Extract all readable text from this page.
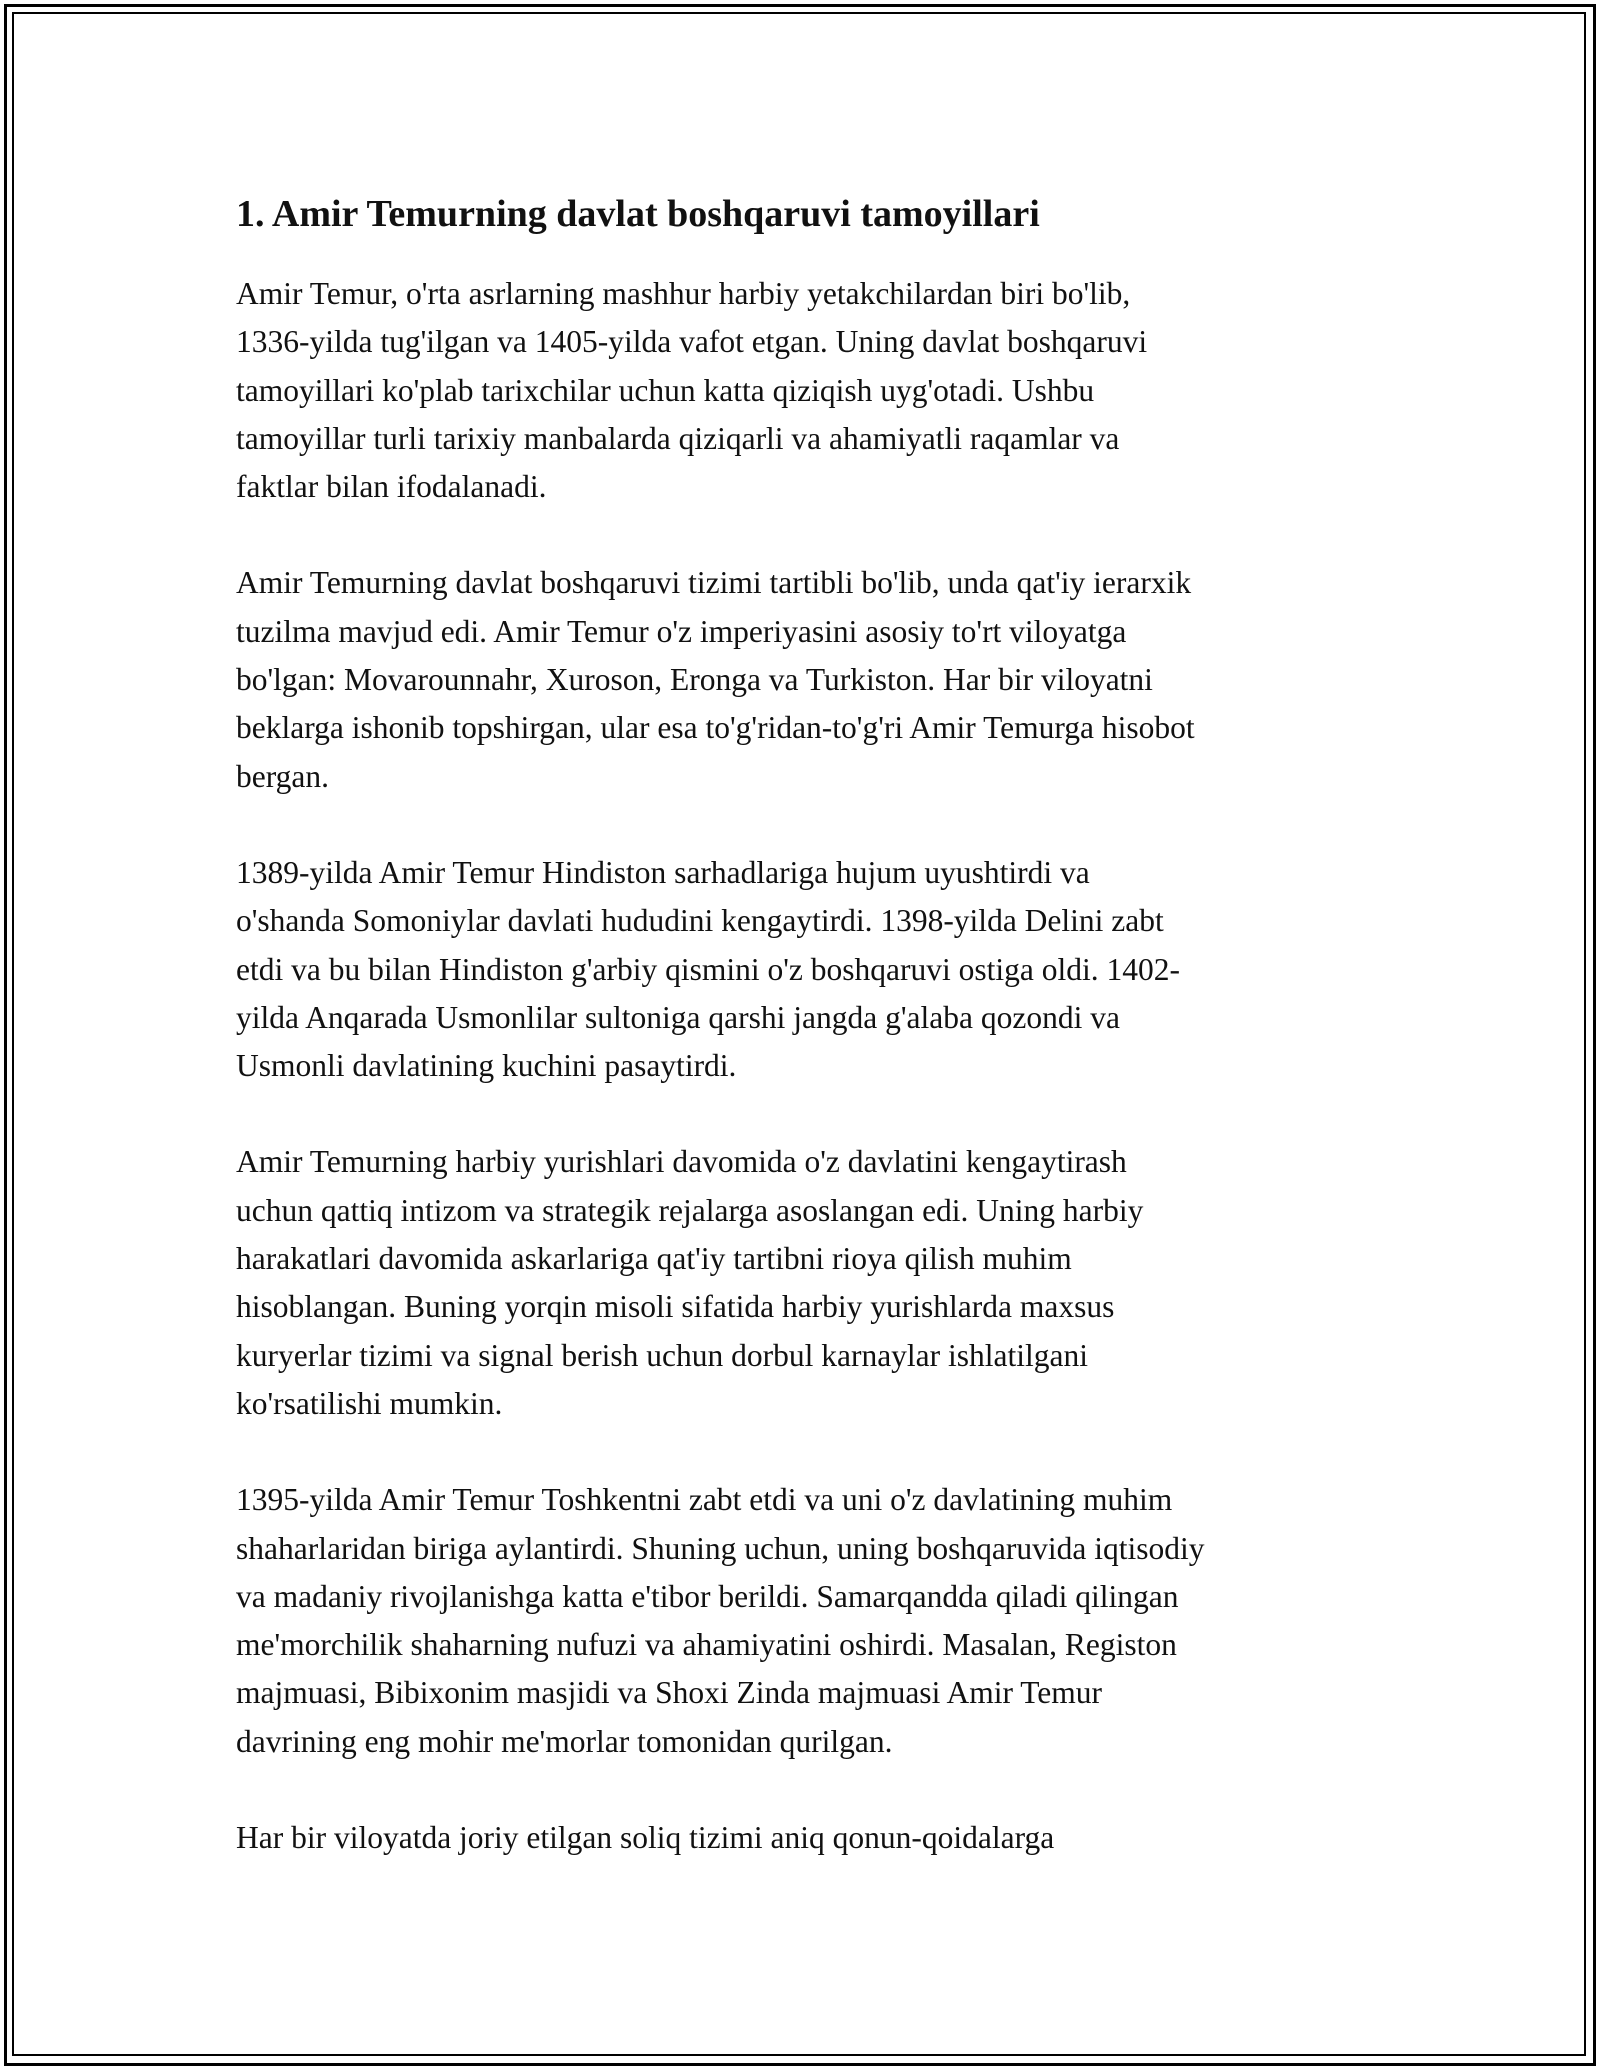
1. Amir Temurning davlat boshqaruvi tamoyillari

Amir Temur, o'rta asrlarning mashhur harbiy yetakchilardan biri bo'lib,
1336-yilda tug'ilgan va 1405-yilda vafot etgan. Uning davlat boshqaruvi
tamoyillari ko'plab tarixchilar uchun katta qiziqish uyg'otadi. Ushbu
tamoyillar turli tarixiy manbalarda qiziqarli va ahamiyatli raqamlar va
faktlar bilan ifodalanadi.

Amir Temurning davlat boshqaruvi tizimi tartibli bo'lib, unda qat'iy ierarxik
tuzilma mavjud edi. Amir Temur o'z imperiyasini asosiy to'rt viloyatga
bo'lgan: Movarounnahr, Xuroson, Eronga va Turkiston. Har bir viloyatni
beklarga ishonib topshirgan, ular esa to'g'ridan-to'g'ri Amir Temurga hisobot
bergan.

1389-yilda Amir Temur Hindiston sarhadlariga hujum uyushtirdi va
o'shanda Somoniylar davlati hududini kengaytirdi. 1398-yilda Delini zabt
etdi va bu bilan Hindiston g'arbiy qismini o'z boshqaruvi ostiga oldi. 1402-
yilda Anqarada Usmonlilar sultoniga qarshi jangda g'alaba qozondi va
Usmonli davlatining kuchini pasaytirdi.

Amir Temurning harbiy yurishlari davomida o'z davlatini kengaytirash
uchun qattiq intizom va strategik rejalarga asoslangan edi. Uning harbiy
harakatlari davomida askarlariga qat'iy tartibni rioya qilish muhim
hisoblangan. Buning yorqin misoli sifatida harbiy yurishlarda maxsus
kuryerlar tizimi va signal berish uchun dorbul karnaylar ishlatilgani
ko'rsatilishi mumkin.

1395-yilda Amir Temur Toshkentni zabt etdi va uni o'z davlatining muhim
shaharlaridan biriga aylantirdi. Shuning uchun, uning boshqaruvida iqtisodiy
va madaniy rivojlanishga katta e'tibor berildi. Samarqandda qiladi qilingan
me'morchilik shaharning nufuzi va ahamiyatini oshirdi. Masalan, Registon
majmuasi, Bibixonim masjidi va Shoxi Zinda majmuasi Amir Temur
davrining eng mohir me'morlar tomonidan qurilgan.

Har bir viloyatda joriy etilgan soliq tizimi aniq qonun-qoidalarga
